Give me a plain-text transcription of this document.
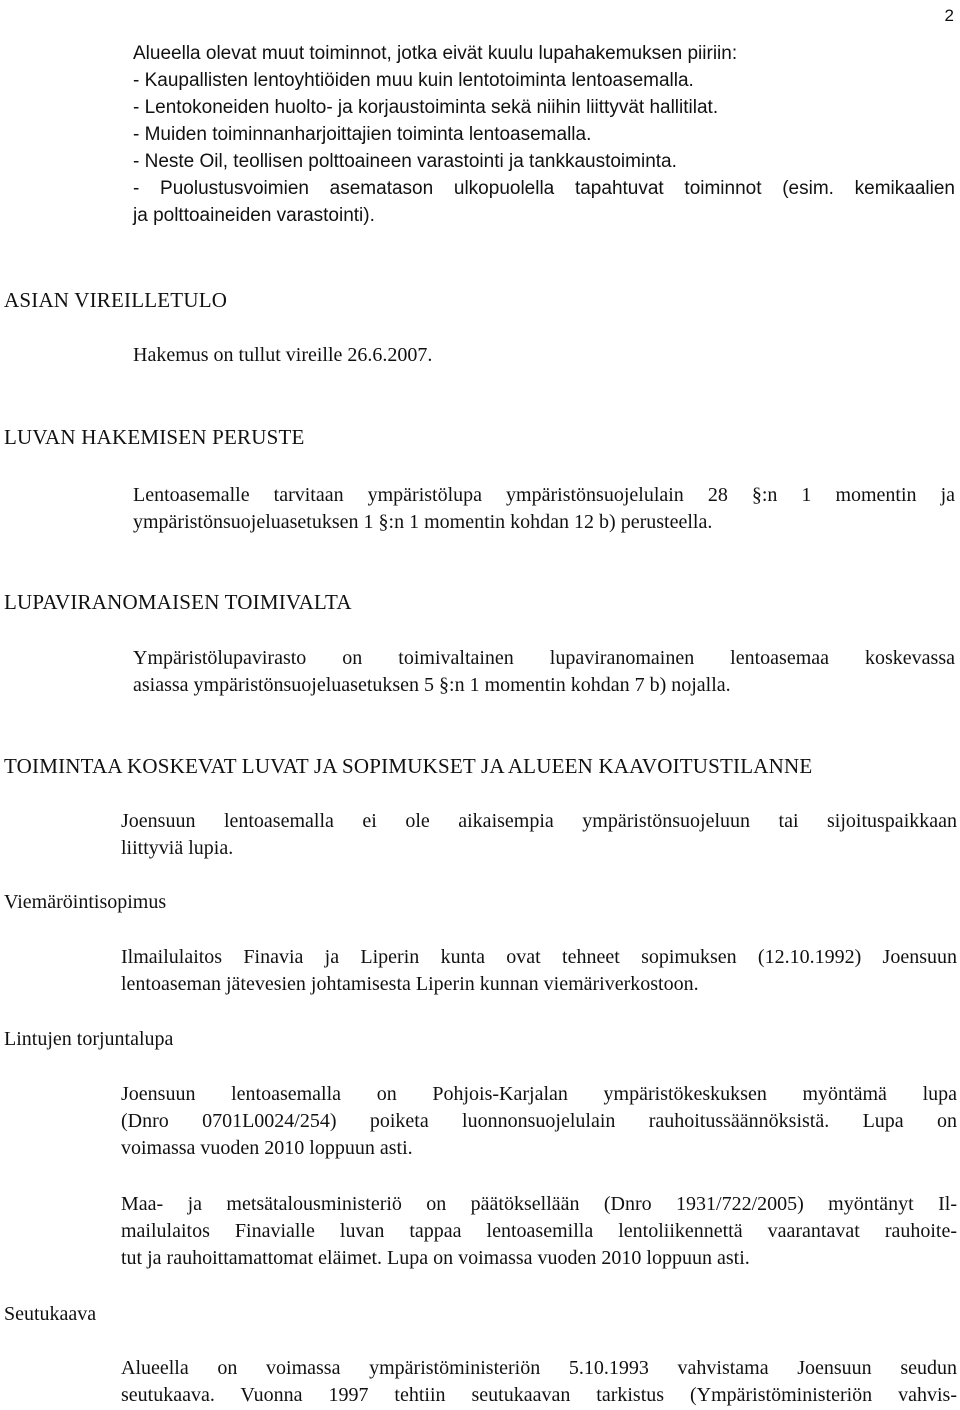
2
Alueella olevat muut toiminnot, jotka eivät kuulu lupahakemuksen piiriin:
- Kaupallisten lentoyhtiöiden muu kuin lentotoiminta lentoasemalla.
- Lentokoneiden huolto- ja korjaustoiminta sekä niihin liittyvät hallitilat.
- Muiden toiminnanharjoittajien toiminta lentoasemalla.
- Neste Oil, teollisen polttoaineen varastointi ja tankkaustoiminta.
- Puolustusvoimien asematason ulkopuolella tapahtuvat toiminnot (esim. kemikaalien
ja polttoaineiden varastointi).
ASIAN VIREILLETULO
Hakemus on tullut vireille 26.6.2007.
LUVAN HAKEMISEN PERUSTE
Lentoasemalle tarvitaan ympäristölupa ympäristönsuojelulain 28 §:n 1 momentin ja
ympäristönsuojeluasetuksen 1 §:n 1 momentin kohdan 12 b) perusteella.
LUPAVIRANOMAISEN TOIMIVALTA
Ympäristölupavirasto on toimivaltainen lupaviranomainen lentoasemaa koskevassa
asiassa ympäristönsuojeluasetuksen 5 §:n 1 momentin kohdan 7 b) nojalla.
TOIMINTAA KOSKEVAT LUVAT JA SOPIMUKSET JA ALUEEN KAAVOITUSTILANNE
Joensuun lentoasemalla ei ole aikaisempia ympäristönsuojeluun tai sijoituspaikkaan
liittyviä lupia.
Viemäröintisopimus
Ilmailulaitos Finavia ja Liperin kunta ovat tehneet sopimuksen (12.10.1992) Joensuun
lentoaseman jätevesien johtamisesta Liperin kunnan viemäriverkostoon.
Lintujen torjuntalupa
Joensuun lentoasemalla on Pohjois-Karjalan ympäristökeskuksen myöntämä lupa
(Dnro 0701L0024/254) poiketa luonnonsuojelulain rauhoitussäännöksistä. Lupa on
voimassa vuoden 2010 loppuun asti.
Maa- ja metsätalousministeriö on päätöksellään (Dnro 1931/722/2005) myöntänyt Il-
mailulaitos Finavialle luvan tappaa lentoasemilla lentoliikennettä vaarantavat rauhoite-
tut ja rauhoittamattomat eläimet. Lupa on voimassa vuoden 2010 loppuun asti.
Seutukaava
Alueella on voimassa ympäristöministeriön 5.10.1993 vahvistama Joensuun seudun
seutukaava. Vuonna 1997 tehtiin seutukaavan tarkistus (Ympäristöministeriön vahvis-
